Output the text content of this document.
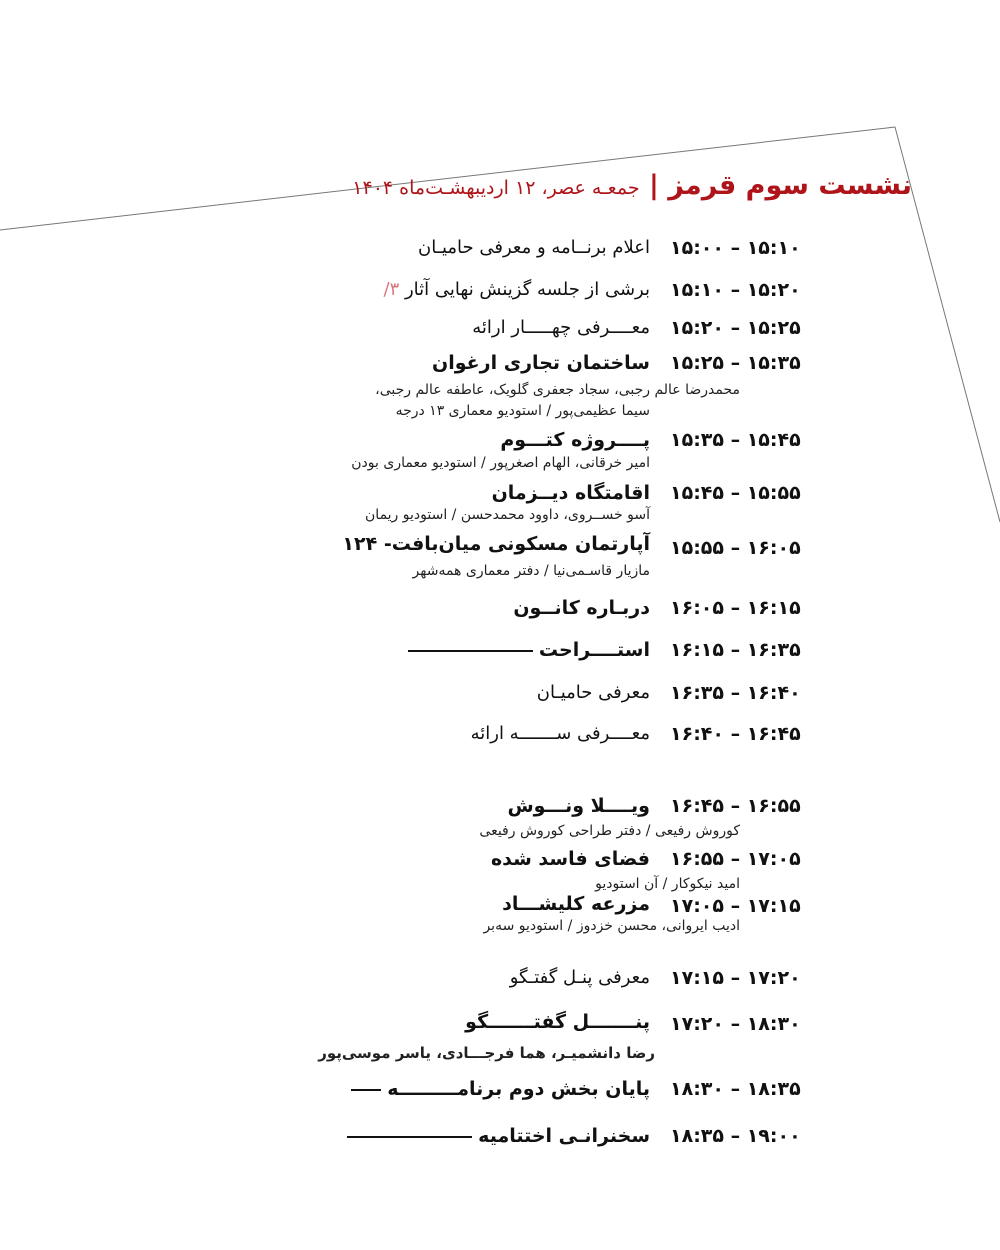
نشست سوم قرمز | جمعـه عصر، ۱۲ اردیبهشـت‌ماه ۱۴۰۴
۱۵:۰۰ – ۱۵:۱۰
اعلام برنــامه و معرفی حامیـان
۱۵:۱۰ – ۱۵:۲۰
برشی از جلسه گزینش نهایی آثار ۳/
۱۵:۲۰ – ۱۵:۲۵
معــــرفی چهـــــار ارائه
۱۵:۲۵ – ۱۵:۳۵
ساختمان تجاری ارغوان
محمدرضا عالم رجبی، سجاد جعفری گلویک، عاطفه عالم رجبی،
سیما عظیمی‌پور / استودیو معماری ۱۳ درجه
۱۵:۳۵ – ۱۵:۴۵
پــــروژه کتـــوم
امیر خرقانی، الهام اصغرپور / استودیو معماری بودن
۱۵:۴۵ – ۱۵:۵۵
اقامتگاه دیــزمان
آسو خســروی، داوود محمدحسن / استودیو ریمان
۱۵:۵۵ – ۱۶:۰۵
آپارتمان مسکونی میان‌بافت- ۱۲۴
مازیار قاسـمی‌نیا / دفتر معماری همه‌شهر
۱۶:۰۵ – ۱۶:۱۵
دربـاره کانــون
۱۶:۱۵ – ۱۶:۳۵
استــــراحت
۱۶:۳۵ – ۱۶:۴۰
معرفی حامیـان
۱۶:۴۰ – ۱۶:۴۵
معــــرفی ســـــــه ارائه
۱۶:۴۵ – ۱۶:۵۵
ویــــلا ونـــوش
کوروش رفیعی / دفتر طراحی کوروش رفیعی
۱۶:۵۵ – ۱۷:۰۵
فضای فاسد شده
امید نیکوکار / آن استودیو
۱۷:۰۵ – ۱۷:۱۵
مزرعه کلیشـــاد
ادیب ایروانی، محسن خزدوز / استودیو سه‌بر
۱۷:۱۵ – ۱۷:۲۰
معرفی پنـل گفتـگو
۱۷:۲۰ – ۱۸:۳۰
پنـــــــل گفتـــــــگو
رضا دانشمیـر، هما فرجـــادی، یاسر موسی‌پور
۱۸:۳۰ – ۱۸:۳۵
پایان بخش دوم برنامـــــــــه
۱۸:۳۵ – ۱۹:۰۰
سخنرانـی اختتامیه
